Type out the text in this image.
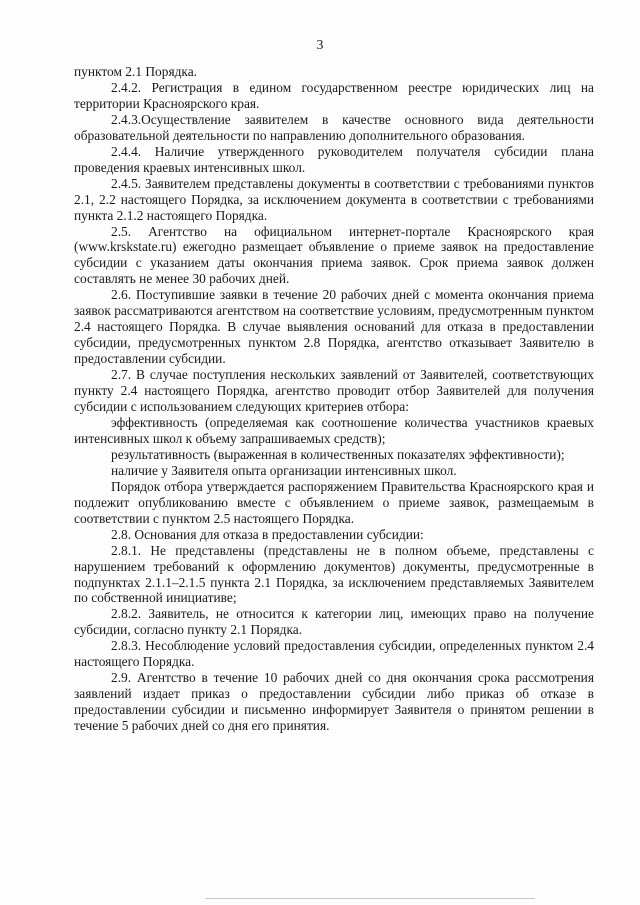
3

пунктом 2.1 Порядка.

2.4.2. Регистрация в едином государственном реестре юридических лиц на территории Красноярского края.

2.4.3.Осуществление заявителем в качестве основного вида деятельности образовательной деятельности по направлению дополнительного образования.

2.4.4. Наличие утвержденного руководителем получателя субсидии плана проведения краевых интенсивных школ.

2.4.5. Заявителем представлены документы в соответствии с требованиями пунктов 2.1, 2.2 настоящего Порядка, за исключением документа в соответствии с требованиями пункта 2.1.2 настоящего Порядка.

2.5. Агентство на официальном интернет-портале Красноярского края (www.krskstate.ru) ежегодно размещает объявление о приеме заявок на предоставление субсидии с указанием даты окончания приема заявок. Срок приема заявок должен составлять не менее 30 рабочих дней.

2.6. Поступившие заявки в течение 20 рабочих дней с момента окончания приема заявок рассматриваются агентством на соответствие условиям, предусмотренным пунктом 2.4 настоящего Порядка. В случае выявления оснований для отказа в предоставлении субсидии, предусмотренных пунктом 2.8 Порядка, агентство отказывает Заявителю в предоставлении субсидии.

2.7. В случае поступления нескольких заявлений от Заявителей, соответствующих пункту 2.4 настоящего Порядка, агентство проводит отбор Заявителей для получения субсидии с использованием следующих критериев отбора:

эффективность (определяемая как соотношение количества участников краевых интенсивных школ к объему запрашиваемых средств);

результативность (выраженная в количественных показателях эффективности);

наличие у Заявителя опыта организации интенсивных школ.

Порядок отбора утверждается распоряжением Правительства Красноярского края и подлежит опубликованию вместе с объявлением о приеме заявок, размещаемым в соответствии с пунктом 2.5 настоящего Порядка.

2.8. Основания для отказа в предоставлении субсидии:

2.8.1. Не представлены (представлены не в полном объеме, представлены с нарушением требований к оформлению документов) документы, предусмотренные в подпунктах 2.1.1–2.1.5 пункта 2.1 Порядка, за исключением представляемых Заявителем по собственной инициативе;

2.8.2. Заявитель, не относится к категории лиц, имеющих право на получение субсидии, согласно пункту 2.1 Порядка.

2.8.3. Несоблюдение условий предоставления субсидии, определенных пунктом 2.4 настоящего Порядка.

2.9. Агентство в течение 10 рабочих дней со дня окончания срока рассмотрения заявлений издает приказ о предоставлении субсидии либо приказ об отказе в предоставлении субсидии и письменно информирует Заявителя о принятом решении в течение 5 рабочих дней со дня его принятия.
